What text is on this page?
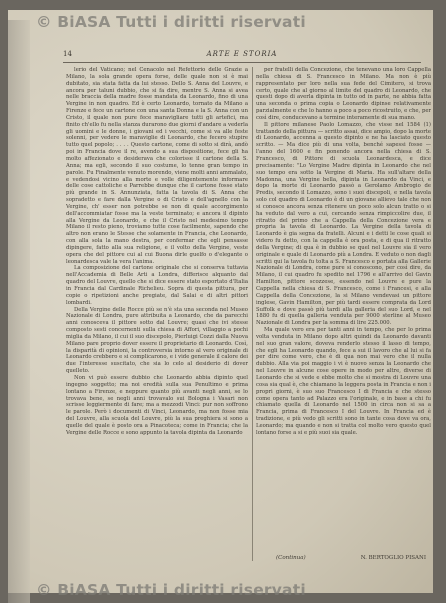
© BiASA Tutti i diritti riservati
14	ARTE E STORIA

lerio del Vaticano; nel Cenacolo nel Refettorio delle Grazie a Milano, la sola grande opera forse, delle quale non si è mai dubitato, sia stata fatta da lui stesso. Dello S. Anna del Louvre, e ancora per taluni dubbio, che si fa dire, mentre S. Anna si avea nelle braccia della madre fosse mandata da Leonardo, fino di una Vergine in non quadro. Ed è certo Leonardo, tornato da Milano a Firenze e fece un cartone con una santa Donna e la S. Anna con un Cristo, il quale non pure fece maravigliare tutti gli artefici, ma finito ch'ello fu nella stanza durarono due giorni d'andare a vederla gli uomini e le donne, i giovani ed i vecchi, come si va alle feste solenni, per vedere le maraviglie di Leonardo, che fecero stupire tutto quel popolo; . . . . Questo cartone, come di sotto si dirà, andò poi in Francia dove il re, avendo a sua dispositione, fece gli ha molto affezionato e desiderava che colorisse il cartone della S. Anna; ma egli, secondo il suo costume, lo tenne gran tempo in parole. Fu Finalmente venuto morendo, viene molti anni ammalato, e vedendosi vicino alla morte e volle diligentemente informare delle cose cattoliche e Parrebbe dunque che il cartone fosse stato più grande in S. Annunziata, fatta la tavola di S. Anna che sopradetto e fare dalla Vergine o di Cristo e dell'agnello con la Vergine, ch' esser non potrebbe se non di quale accorgimento dell'accommiatar fosse ma la veste terminato; e ancora il dipinto alla Vergine da Leonardo, e che il Cristo nel medesimo tempo Milano il resto pieno, troviamo tutte cose facilmente, sapendo che altro non erano le Stesse che solamente in Francia, che Leonardo, con alla sola la mano destra, per confermar che egli pensasse dipingere, fatto alla sua religione, e il volto della Vergine, veste opera che del pittore cui al cui Buona dirle guelfo o d'elegante o leonardesca vale la vera l'anima.

La composizione del cartone originale che si conserva tuttavia nell'Accademia di Belle Arti a Londra, differisce alquanto dal quadro del Louvre, quello che si dice essere stato esportato d'Italia in Francia dal Cardinale Richelieu. Sopra di questa pittura, per copie o ripetizioni anche pregiate, dal Salai e di altri pittori lombardi.

Della Vergine delle Rocce più se n'è sta una seconda nel Museo Nazionale di Londra, pure attribuita a Leonardo, che da parecchi anni conosceva il pittore sotto dal Louvre; quasi che ivi stesse composto sesti concernenti sulla chiesa di Affori, villaggio a pochi miglia da Milano, il cui il suo discepolo, Pierluigi Cozzi dalla Nuova Milano pare proprio dover essere il proprietario di Leonardo. Così, la disparità di opinioni, la controversia intorno al vero originale di Leonardo crebbero e si complicarono, e i vide generale il calore dei due l'interesse suscitato, che sia lo celo al desiderio di dover quelleto.

Non vi può essere dubbio che Leonardo abbia dipinto quel ingegno soggetto; ma noi eredità sulla sua Penultimo e prima lontano a Firenze, e neppure quanto più avanti negli anni, se lo trovava bene, se negli anni trovavalo sui Bologna i Vasari non scrisse leggiermente di fare; ma a mezzodi Vinci: pur non soffrono le parole. Però i documenti di Vinci, Leonardo, ma non fosse mia del Louvre, alla scuola del Louvre, più la sua preghiera si sono a quelle del quale è posto ora a Pinacoteca; come in Francia; che la Vergine delle Rocce e sono appunto la tavola dipinta da Leonardo

per fratelli della Concezione, che tenevano una loro Cappella nella chiesa di S. Francesco in Milano. Ma non è più rappresentato per loro nella sua fede del Cimitero, si trova certo, quale che al giorno al limite del quadro di Leonardo, che questi dopo di averla dipinta in tutto od in parte, ne abbia fatta una seconda o prima copia o Leonardo dipinse relativamente parzialmente e che lo hanno a poco a poco ricostruito, e che, per così dire, conducevano a termine interamente di sua mano.

Il pittore milanese Paolo Lomazzo, che visse nel 1584 (1) trattando della pittura — scritto assai, dice ampio, dopo la morte di Leonardo, accenna a questo dipinto e ne ha lasciato questo scritto. — Ma dice più di una volta, benché sapessi fosse — l'anno del 1600 e fin ponendo ancora nella chiesa di S. Francesco, di Pittore di scuola Leonardesca, e dice precisamente: "Lo Vergine Madre dipinta in Leonardo che nel suo tempo era sotto la Vergine di Maria. Ha sull'altare della Madonna, una Vergine bella, dipinta in Leonardo da Vinci, e dopo la morte di Leonardo passò a Gerolamo Ambrogio de Predis, secondo il Lomazzo, sono i suoi discepoli, e nella tavola solo col quadro di Leonardo è di un giovane allievo tale che non si conosce ancora senza ritenere un poco solo alcun tratto o si ha veduto dal vero a cui, cercando senza rimpiccolire due, il ritratto del primo che a Cappella della Concezione vera e propria la tavola di Leonardo. La Vergine della tavola di Leonardo è gia segna da fratelli. Alcuni e i detti le cose quali si videro fu detto, con la cappella è ora posta, e di qua il ritratto della Vergine; di qua è in dubbio se quel nel Louvre sia il vero originale e quale di Leonardo più a Londra. E veduto o non dagli scritti qui la tavola fu tolta a S. Francesco e portata alla Gallerie Nazionale di Londra, come pure si conoscono, per così dire, da Milano, il cui quadro fu spedito nel 1796 e all'arrivo del Gavin Hamilton, pittore scozzese, essendo nel Louvre e pure la Cappella nella chiesa di S. Francesco, come i Francesi, e alla Cappella della Concezione, la si Milano vendevasi un pittore inglese, Gavin Hamilton, per più tardi essere comprata da Lord Suffolk e dove passò più tardi alla galleria del suo Lord, e nel 1880 fu di quella galleria venduta per 9000 sterline al Museo Nazionale di Londra per la somma di lire 225.000.

Ma quale vero era per tanti anni in tempo, che per lo prima volta venduta in Milano dopo altri quindi da Leonardo davanti nel suo gran valore, doveva renderlo stesso il lasso di tempo, che egli ha Leonardo quando, fece a sui il lavoro che al lui si fa per dire come vero, che è di qua non mai vero che il nulla dubbio. Alla via poi maggio i vi è nuovo senza la Leonardo che nel Louvre in alcune cose opere in modo per altre, diverse di Leonardo che si vede e ebbe molto che si mostra di Louvre una cosa sia qual è, che chiamano la leggera posta in Francia e non i propri giorni, è suo suo Francesco I di Francia e che stesso come opera tanto ad Palazzo era l'originale, e in base a chi fu chiamato quella di Leonardo nel 1500 in circa non si sa a Francia, prima di Francesco I del Louvre. In Francia ed è tradizione, e più vedo gli scritti sono in tante cosa dove va ora, Leonardo; ma quando e non si tratta col molto vero questo quel lontano forse a si e più suoi sia quale.

(Continua)	N. BERTOGLIO PISANI
© BiASA Tutti i diritti riservati
